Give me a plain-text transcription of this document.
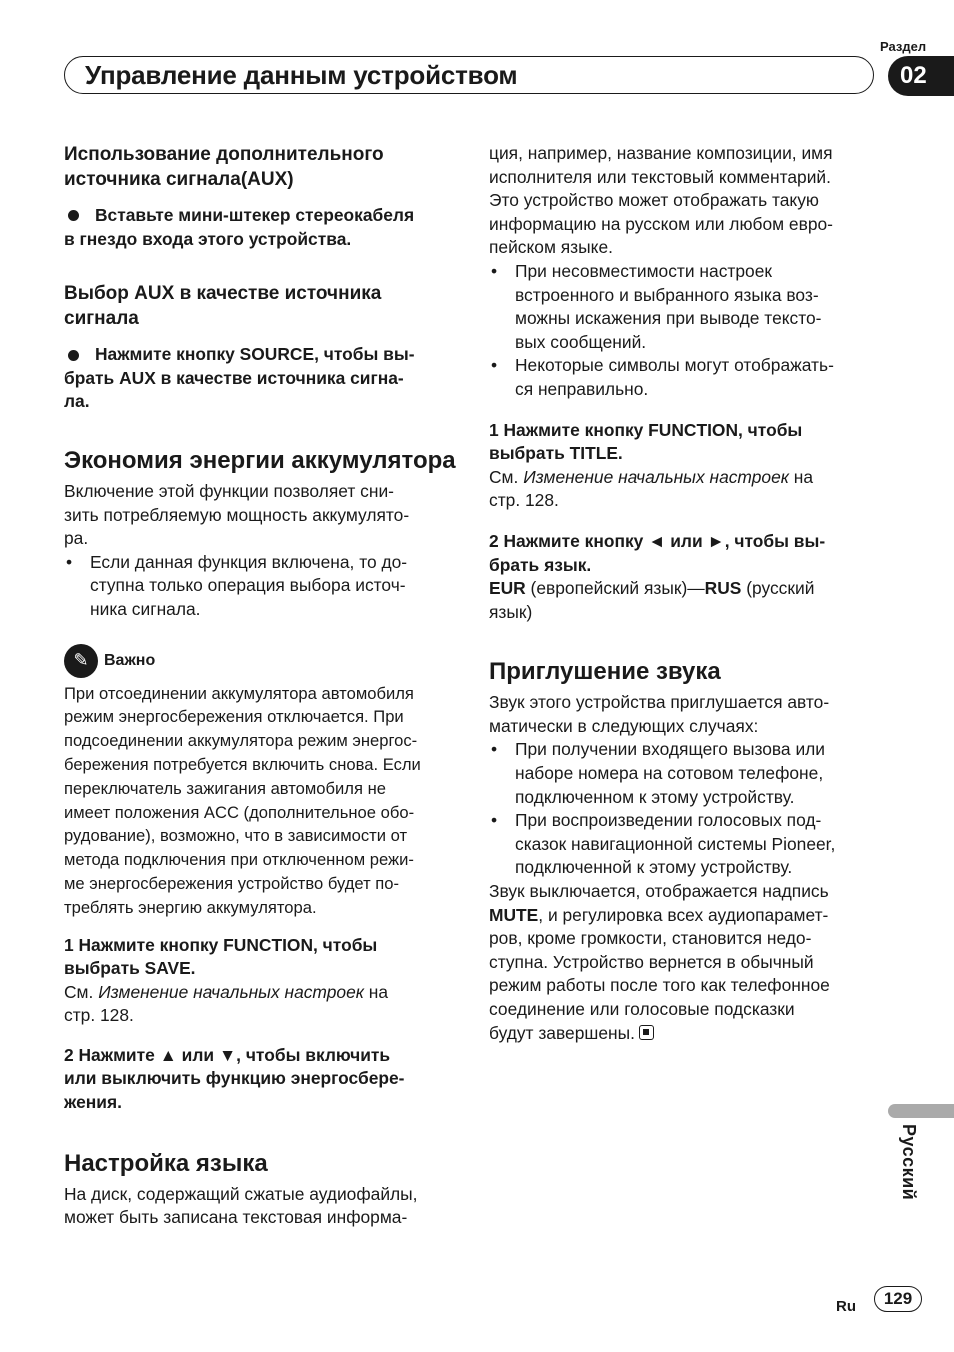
Раздел
Управление данным устройством	02

Использование дополнительного
источника сигнала(AUX)

Вставьте мини-штекер стереокабеля
в гнездо входа этого устройства.

Выбор AUX в качестве источника
сигнала

Нажмите кнопку SOURCE, чтобы вы-
брать AUX в качестве источника сигна-
ла.

Экономия энергии аккумулятора

Включение этой функции позволяет сни-
зить потребляемую мощность аккумулято-
ра.

• Если данная функция включена, то до-
ступна только операция выбора источ-
ника сигнала.
✎ Важно

При отсоединении аккумулятора автомобиля
режим энергосбережения отключается. При
подсоединении аккумулятора режим энергос-
бережения потребуется включить снова. Если
переключатель зажигания автомобиля не
имеет положения ACC (дополнительное обо-
рудование), возможно, что в зависимости от
метода подключения при отключенном режи-
ме энергосбережения устройство будет по-
треблять энергию аккумулятора.

1 Нажмите кнопку FUNCTION, чтобы
выбрать SAVE.

См. Изменение начальных настроек на
стр. 128.

2 Нажмите ▲ или ▼, чтобы включить
или выключить функцию энергосбере-
жения.

Настройка языка

На диск, содержащий сжатые аудиофайлы,
может быть записана текстовая информа-

ция, например, название композиции, имя
исполнителя или текстовый комментарий.
Это устройство может отображать такую
информацию на русском или любом евро-
пейском языке.

• При несовместимости настроек
встроенного и выбранного языка воз-
можны искажения при выводе тексто-
вых сообщений.
• Некоторые символы могут отображать-
ся неправильно.

1 Нажмите кнопку FUNCTION, чтобы
выбрать TITLE.

См. Изменение начальных настроек на
стр. 128.

2 Нажмите кнопку ◄ или ►, чтобы вы-
брать язык.

EUR (европейский язык)—RUS (русский
язык)

Приглушение звука

Звук этого устройства приглушается авто-
матически в следующих случаях:

• При получении входящего вызова или
наборе номера на сотовом телефоне,
подключенном к этому устройству.
• При воспроизведении голосовых под-
сказок навигационной системы Pioneer,
подключенной к этому устройству.

Звук выключается, отображается надпись
MUTE, и регулировка всех аудиопарамет-
ров, кроме громкости, становится недо-
ступна. Устройство вернется в обычный
режим работы после того как телефонное
соединение или голосовые подсказки
будут завершены.

Русский
Ru	129
